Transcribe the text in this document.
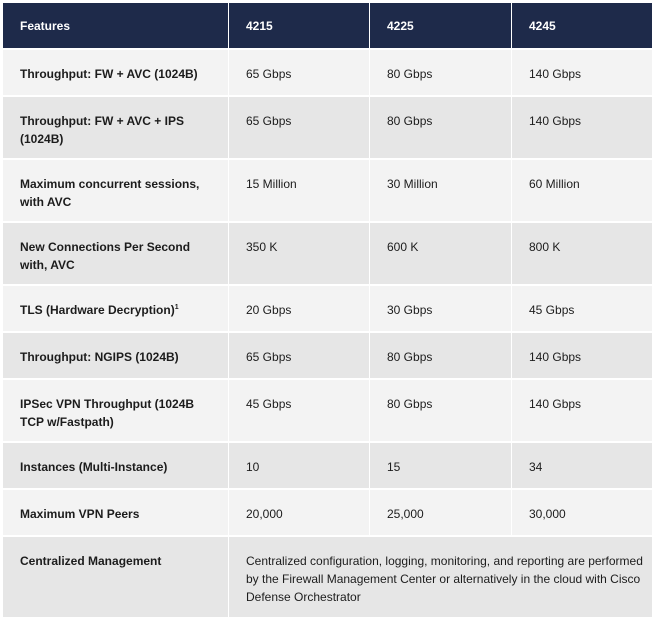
Features	4215	4225	4245
Throughput: FW + AVC (1024B)	65 Gbps	80 Gbps	140 Gbps
Throughput: FW + AVC + IPS (1024B)	65 Gbps	80 Gbps	140 Gbps
Maximum concurrent sessions, with AVC	15 Million	30 Million	60 Million
New Connections Per Second with, AVC	350 K	600 K	800 K
TLS (Hardware Decryption)$^1$	20 Gbps	30 Gbps	45 Gbps
Throughput: NGIPS (1024B)	65 Gbps	80 Gbps	140 Gbps
IPSec VPN Throughput (1024B TCP w/Fastpath)	45 Gbps	80 Gbps	140 Gbps
Instances (Multi-Instance)	10	15	34
Maximum VPN Peers	20,000	25,000	30,000
Centralized Management	Centralized configuration, logging, monitoring, and reporting are performed by the Firewall Management Center or alternatively in the cloud with Cisco Defense Orchestrator		
